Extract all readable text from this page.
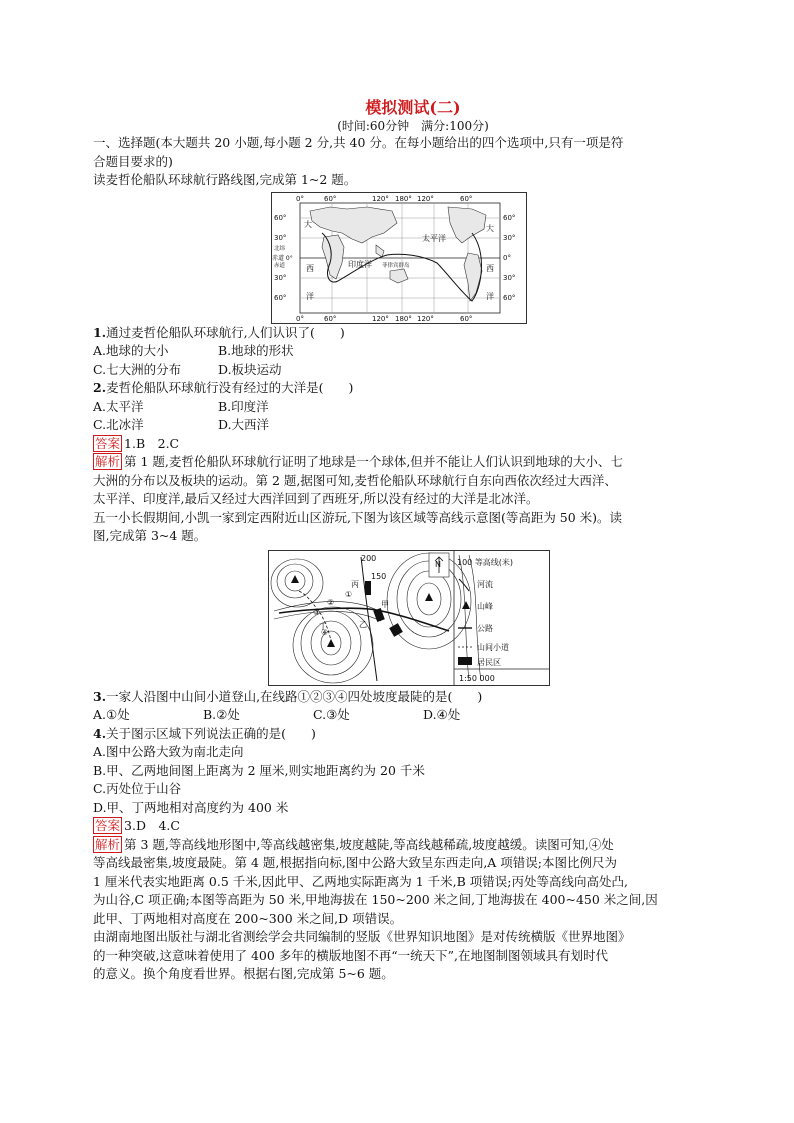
模拟测试(二)
(时间:60分钟　满分:100分)

一、选择题(本大题共 20 小题,每小题 2 分,共 40 分。在每小题给出的四个选项中,只有一项是符

合题目要求的)

读麦哲伦船队环球航行路线图,完成第 1~2 题。

0°	60°	120° 180° 120°	60°
0°	60°	120° 180° 120°	60°
60°
30°
赤道 0°
30°
60°
60°
30°
0°
30°
60°
大
西
洋
印度洋
太平洋
大
西
洋
菲律宾群岛
北纬
赤道

1.通过麦哲伦船队环球航行,人们认识了(　　)

A.地球的大小	B.地球的形状
C.七大洲的分布	D.板块运动

2.麦哲伦船队环球航行没有经过的大洋是(　　)

A.太平洋	B.印度洋
C.北冰洋	D.大西洋

答案 1.B　2.C

解析 第 1 题,麦哲伦船队环球航行证明了地球是一个球体,但并不能让人们认识到地球的大小、七

大洲的分布以及板块的运动。第 2 题,据图可知,麦哲伦船队环球航行自东向西依次经过大西洋、

太平洋、印度洋,最后又经过大西洋回到了西班牙,所以没有经过的大洋是北冰洋。

五一小长假期间,小凯一家到定西附近山区游玩,下图为该区域等高线示意图(等高距为 50 米)。读

图,完成第 3~4 题。

150
200
甲
乙
丙
丁
①
②
③
④
N 100 等高线(米)
河流
山峰
公路
山间小道
居民区
1:50 000

3.一家人沿图中山间小道登山,在线路①②③④四处坡度最陡的是(　　)

A.①处	B.②处	C.③处	D.④处

4.关于图示区域下列说法正确的是(　　)

A.图中公路大致为南北走向

B.甲、乙两地间图上距离为 2 厘米,则实地距离约为 20 千米

C.丙处位于山谷

D.甲、丁两地相对高度约为 400 米

答案 3.D　4.C

解析 第 3 题,等高线地形图中,等高线越密集,坡度越陡,等高线越稀疏,坡度越缓。读图可知,④处

等高线最密集,坡度最陡。第 4 题,根据指向标,图中公路大致呈东西走向,A 项错误;本图比例尺为

1 厘米代表实地距离 0.5 千米,因此甲、乙两地实际距离为 1 千米,B 项错误;丙处等高线向高处凸,

为山谷,C 项正确;本图等高距为 50 米,甲地海拔在 150~200 米之间,丁地海拔在 400~450 米之间,因

此甲、丁两地相对高度在 200~300 米之间,D 项错误。

由湖南地图出版社与湖北省测绘学会共同编制的竖版《世界知识地图》是对传统横版《世界地图》

的一种突破,这意味着使用了 400 多年的横版地图不再“一统天下”,在地图制图领域具有划时代

的意义。换个角度看世界。根据右图,完成第 5~6 题。
